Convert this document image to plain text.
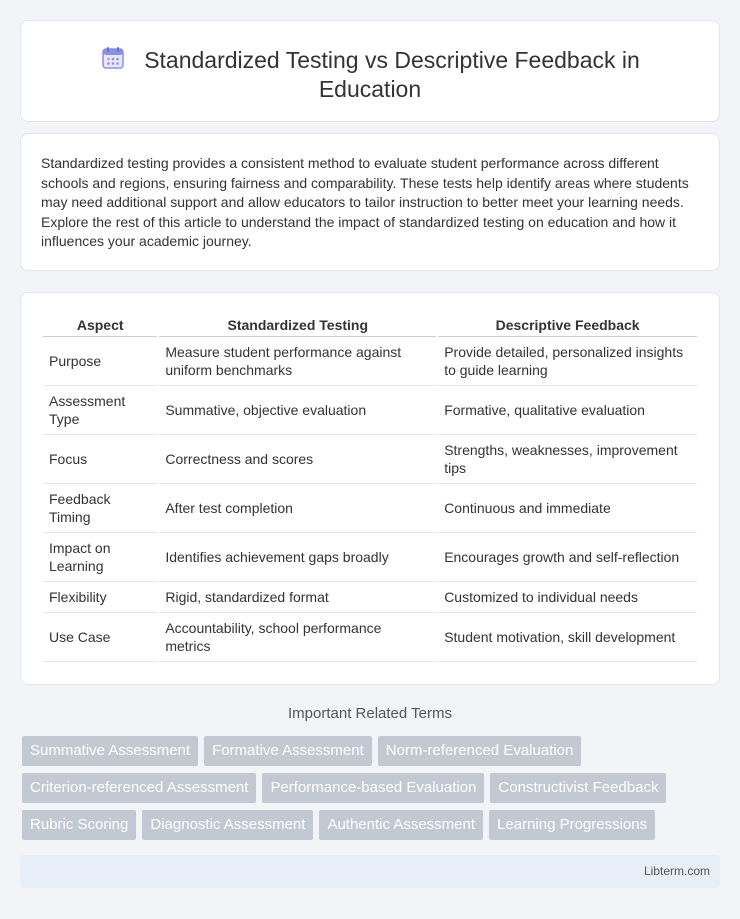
Standardized Testing vs Descriptive Feedback in
Education

Standardized testing provides a consistent method to evaluate student performance across different schools and regions, ensuring fairness and comparability. These tests help identify areas where students may need additional support and allow educators to tailor instruction to better meet your learning needs. Explore the rest of this article to understand the impact of standardized testing on education and how it influences your academic journey.

Aspect	Standardized Testing	Descriptive Feedback
Purpose	Measure student performance against uniform benchmarks	Provide detailed, personalized insights to guide learning
Assessment Type	Summative, objective evaluation	Formative, qualitative evaluation
Focus	Correctness and scores	Strengths, weaknesses, improvement tips
Feedback Timing	After test completion	Continuous and immediate
Impact on Learning	Identifies achievement gaps broadly	Encourages growth and self-reflection
Flexibility	Rigid, standardized format	Customized to individual needs
Use Case	Accountability, school performance metrics	Student motivation, skill development
Important Related Terms
Summative Assessment	Formative Assessment	Norm-referenced Evaluation
Criterion-referenced Assessment	Performance-based Evaluation	Constructivist Feedback
Rubric Scoring	Diagnostic Assessment	Authentic Assessment	Learning Progressions
Libterm.com
